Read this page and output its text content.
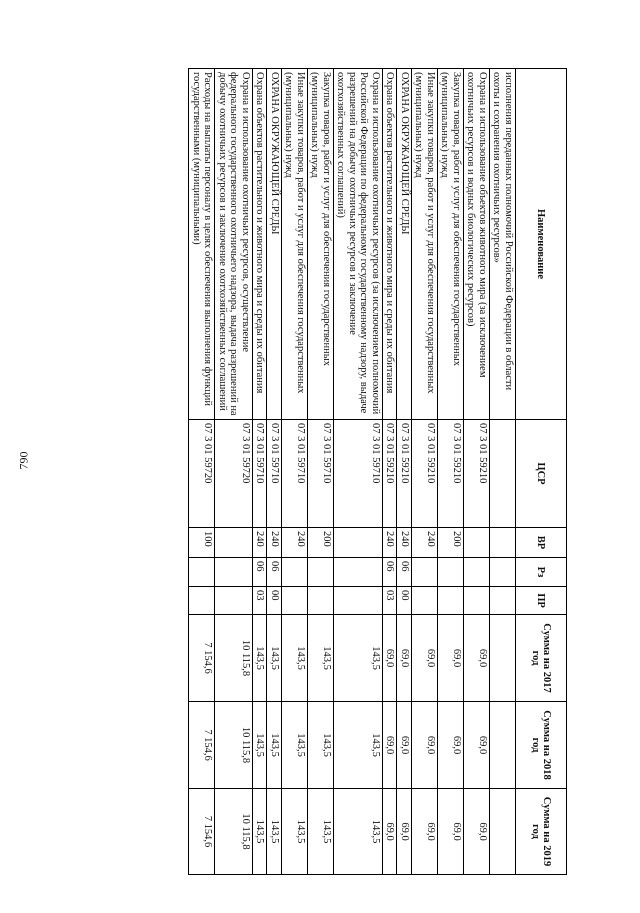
790
Наименование	ЦСР	ВР	Рз	ПР	Сумма на 2017 год	Сумма на 2018 год	Сумма на 2019 год
исполнения переданных полномочий Российской Федерации в области охоты и сохранения охотничьих ресурсов»							
Охрана и использование объектов животного мира (за исключением охотничьих ресурсов и водных биологических ресурсов)	07 3 01 59210				69,0	69,0	69,0
Закупка товаров, работ и услуг для обеспечения государственных (муниципальных) нужд	07 3 01 59210	200			69,0	69,0	69,0
Иные закупки товаров, работ и услуг для обеспечения государственных (муниципальных) нужд	07 3 01 59210	240			69,0	69,0	69,0
ОХРАНА ОКРУЖАЮЩЕЙ СРЕДЫ	07 3 01 59210	240	06	00	69,0	69,0	69,0
Охрана объектов растительного и животного мира и среды их обитания	07 3 01 59210	240	06	03	69,0	69,0	69,0
Охрана и использование охотничьих ресурсов (за исключением полномочий Российской Федерации по федеральному государственному надзору, выдаче разрешений на добычу охотничьих ресурсов и заключение охотхозяйственных соглашений)	07 3 01 59710				143,5	143,5	143,5
Закупка товаров, работ и услуг для обеспечения государственных (муниципальных) нужд	07 3 01 59710	200			143,5	143,5	143,5
Иные закупки товаров, работ и услуг для обеспечения государственных (муниципальных) нужд	07 3 01 59710	240			143,5	143,5	143,5
ОХРАНА ОКРУЖАЮЩЕЙ СРЕДЫ	07 3 01 59710	240	06	00	143,5	143,5	143,5
Охрана объектов растительного и животного мира и среды их обитания	07 3 01 59710	240	06	03	143,5	143,5	143,5
Охрана и использование охотничьих ресурсов, осуществление федерального государственного охотничьего надзора, выдача разрешений на добычу охотничьих ресурсов и заключение охотхозяйственных соглашений	07 3 01 59720				10 115,8	10 115,8	10 115,8
Расходы на выплаты персоналу в целях обеспечения выполнения функций государственными (муниципальными)	07 3 01 59720	100			7 154,6	7 154,6	7 154,6
